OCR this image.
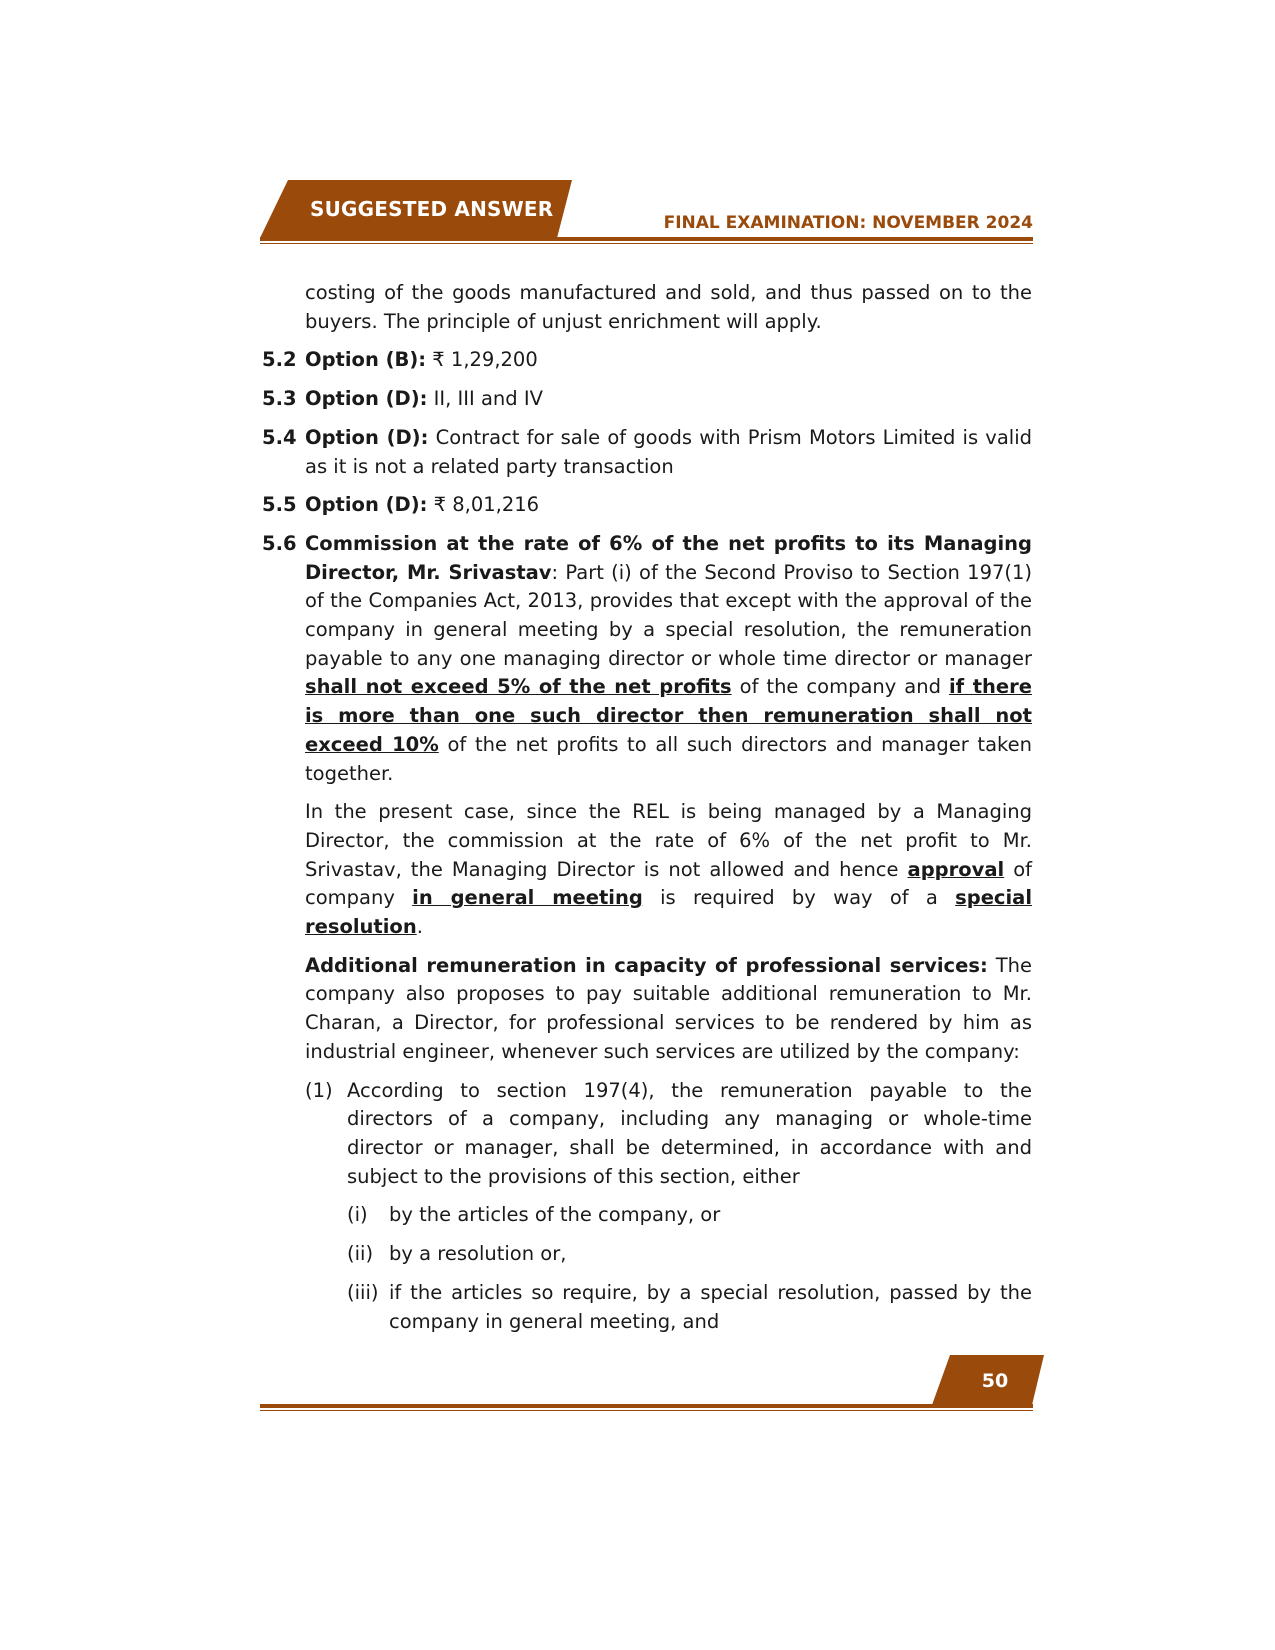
SUGGESTED ANSWER
FINAL EXAMINATION: NOVEMBER 2024

costing of the goods manufactured and sold, and thus passed on to the buyers. The principle of unjust enrichment will apply.

5.2 Option (B): ₹ 1,29,200
5.3 Option (D): II, III and IV
5.4 Option (D): Contract for sale of goods with Prism Motors Limited is valid as it is not a related party transaction
5.5 Option (D): ₹ 8,01,216
5.6 Commission at the rate of 6% of the net profits to its Managing Director, Mr. Srivastav: Part (i) of the Second Proviso to Section 197(1) of the Companies Act, 2013, provides that except with the approval of the company in general meeting by a special resolution, the remuneration payable to any one managing director or whole time director or manager shall not exceed 5% of the net profits of the company and if there is more than one such director then remuneration shall not exceed 10% of the net profits to all such directors and manager taken together.

In the present case, since the REL is being managed by a Managing Director, the commission at the rate of 6% of the net profit to Mr. Srivastav, the Managing Director is not allowed and hence approval of company in general meeting is required by way of a special resolution.

Additional remuneration in capacity of professional services: The company also proposes to pay suitable additional remuneration to Mr. Charan, a Director, for professional services to be rendered by him as industrial engineer, whenever such services are utilized by the company:

(1) According to section 197(4), the remuneration payable to the directors of a company, including any managing or whole-time director or manager, shall be determined, in accordance with and subject to the provisions of this section, either
(i) by the articles of the company, or
(ii) by a resolution or,
(iii) if the articles so require, by a special resolution, passed by the company in general meeting, and
50
